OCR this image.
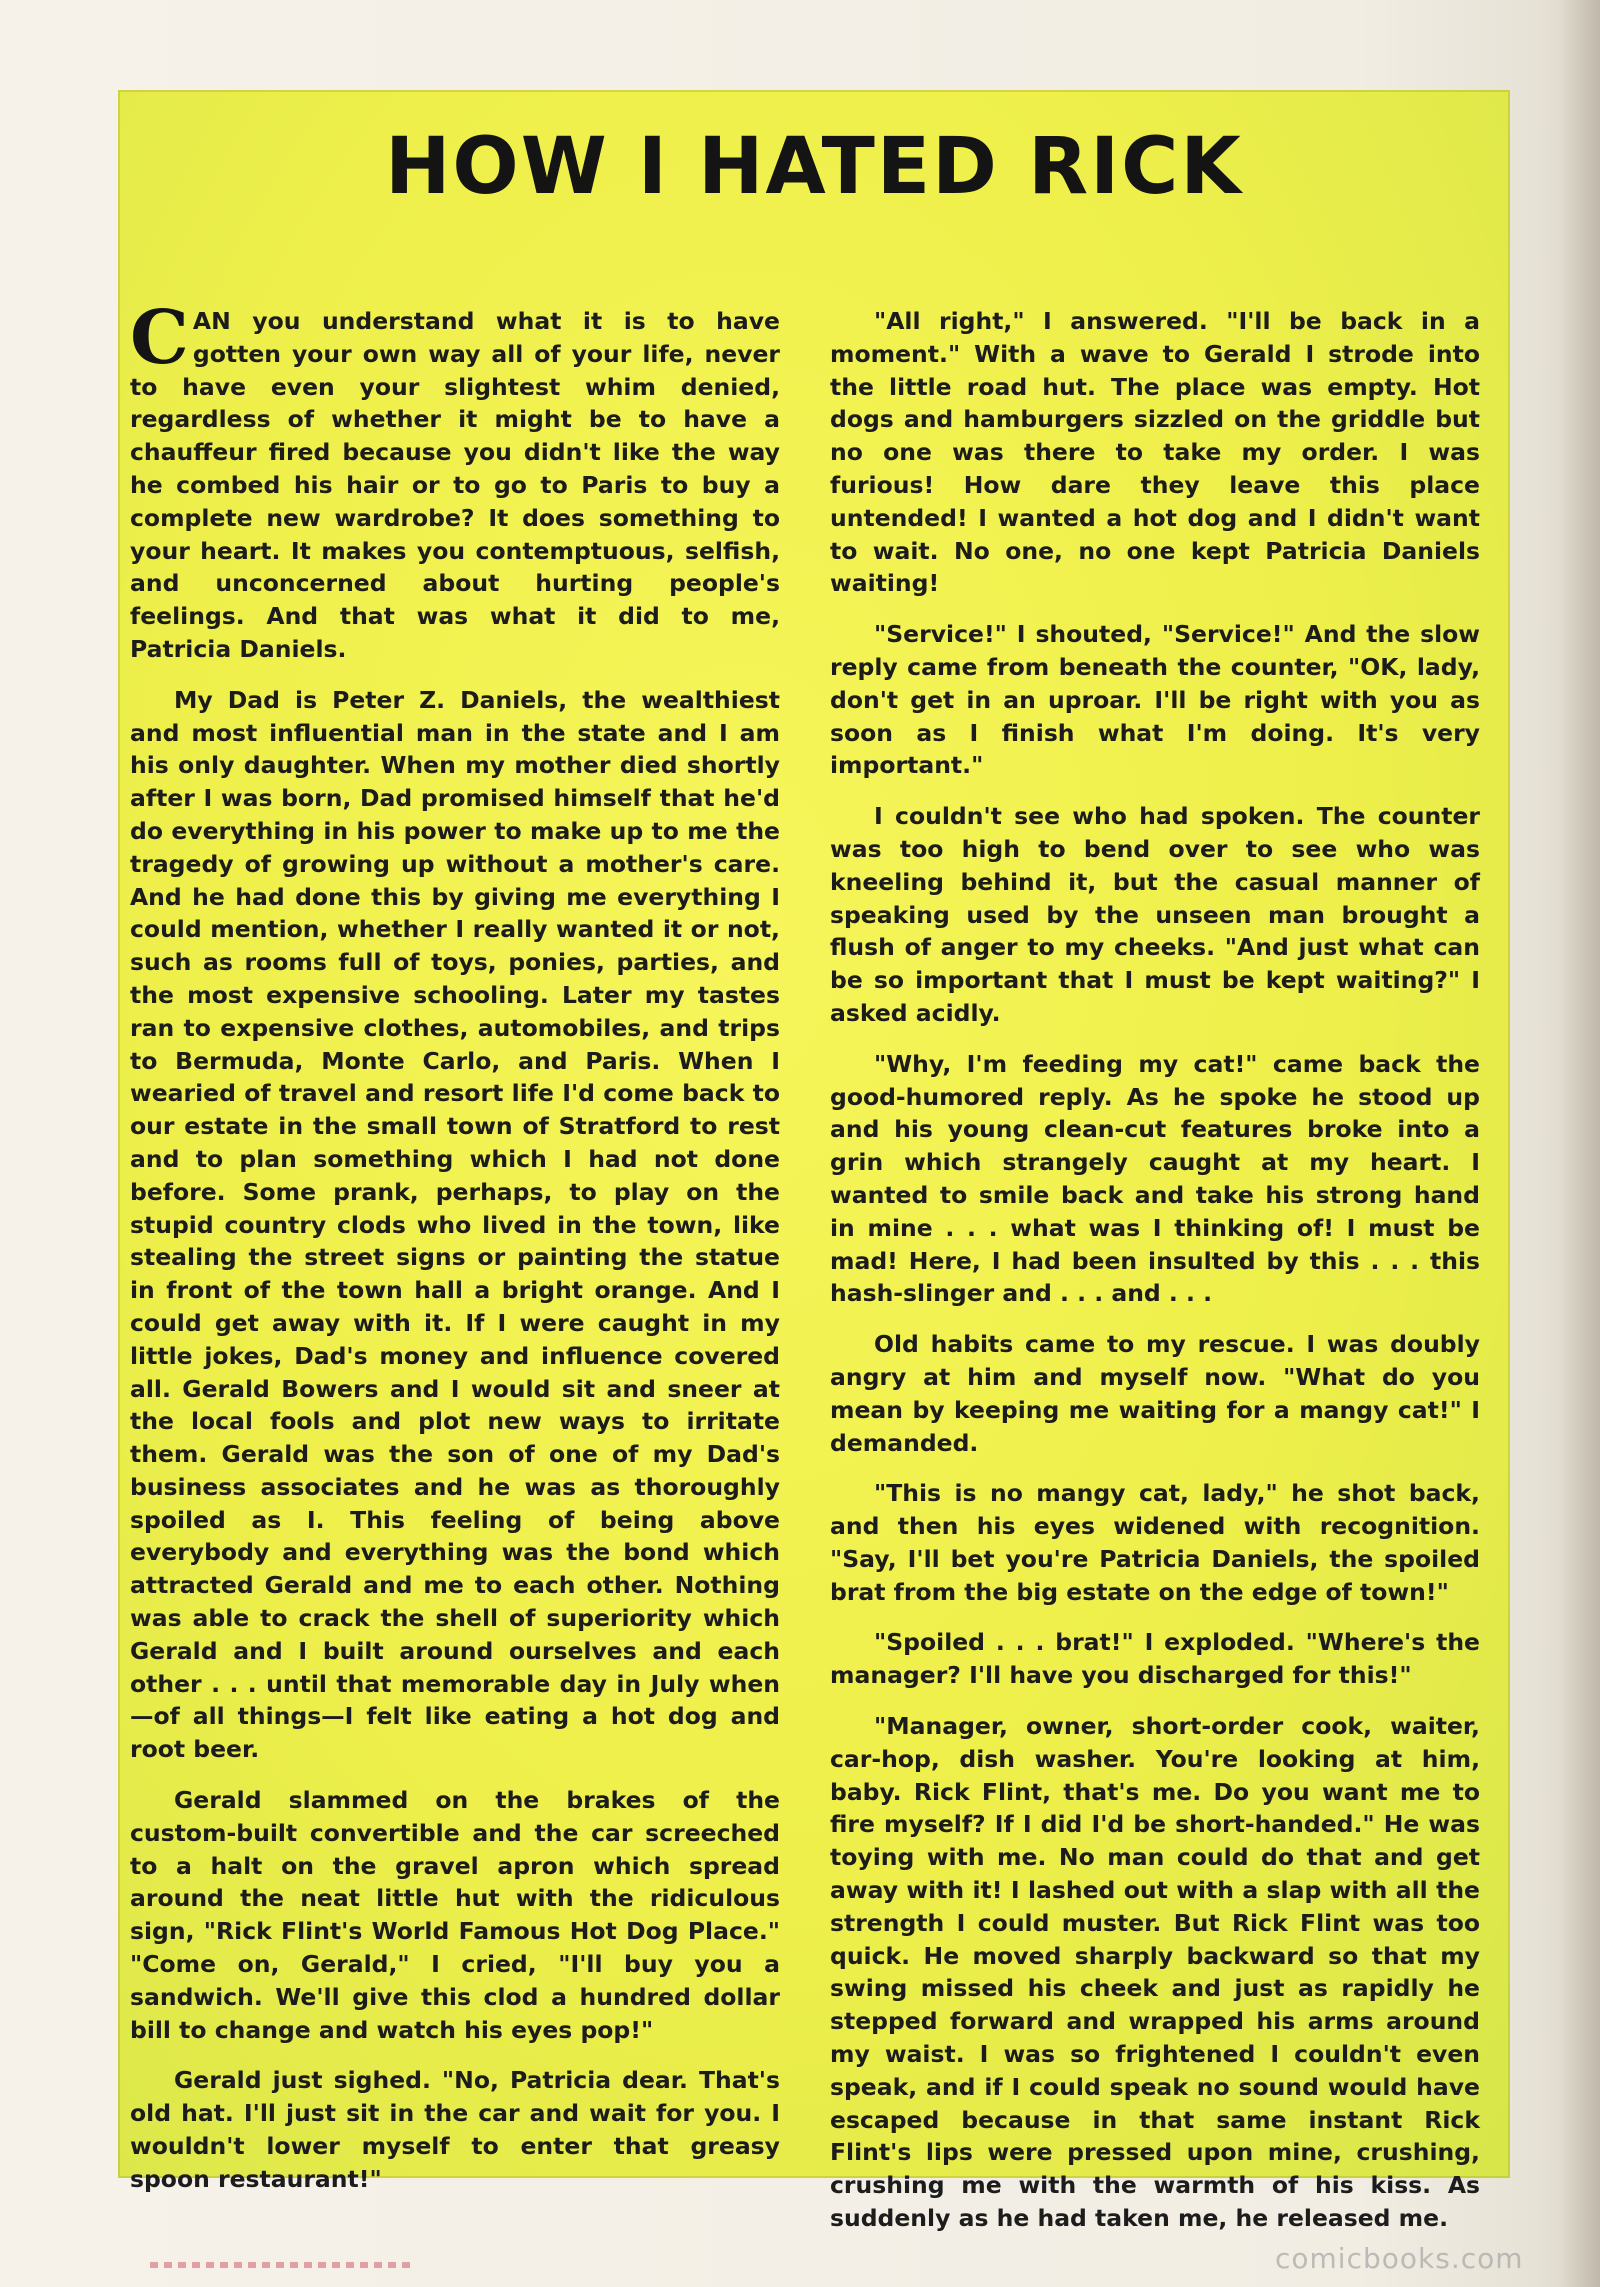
HOW I HATED RICK

CAN you understand what it is to have gotten your own way all of your life, never to have even your slightest whim denied, regardless of whether it might be to have a chauffeur fired because you didn't like the way he combed his hair or to go to Paris to buy a complete new wardrobe? It does something to your heart. It makes you contemptuous, selfish, and unconcerned about hurting people's feelings. And that was what it did to me, Patricia Daniels.

My Dad is Peter Z. Daniels, the wealthiest and most influential man in the state and I am his only daughter. When my mother died shortly after I was born, Dad promised himself that he'd do everything in his power to make up to me the tragedy of growing up without a mother's care. And he had done this by giving me everything I could mention, whether I really wanted it or not, such as rooms full of toys, ponies, parties, and the most expensive schooling. Later my tastes ran to expensive clothes, automobiles, and trips to Bermuda, Monte Carlo, and Paris. When I wearied of travel and resort life I'd come back to our estate in the small town of Stratford to rest and to plan something which I had not done before. Some prank, perhaps, to play on the stupid country clods who lived in the town, like stealing the street signs or painting the statue in front of the town hall a bright orange. And I could get away with it. If I were caught in my little jokes, Dad's money and influence covered all. Gerald Bowers and I would sit and sneer at the local fools and plot new ways to irritate them. Gerald was the son of one of my Dad's business associates and he was as thoroughly spoiled as I. This feeling of being above everybody and everything was the bond which attracted Gerald and me to each other. Nothing was able to crack the shell of superiority which Gerald and I built around ourselves and each other . . . until that memorable day in July when —of all things—I felt like eating a hot dog and root beer.

Gerald slammed on the brakes of the custom-built convertible and the car screeched to a halt on the gravel apron which spread around the neat little hut with the ridiculous sign, "Rick Flint's World Famous Hot Dog Place." "Come on, Gerald," I cried, "I'll buy you a sandwich. We'll give this clod a hundred dollar bill to change and watch his eyes pop!"

Gerald just sighed. "No, Patricia dear. That's old hat. I'll just sit in the car and wait for you. I wouldn't lower myself to enter that greasy spoon restaurant!"

"All right," I answered. "I'll be back in a moment." With a wave to Gerald I strode into the little road hut. The place was empty. Hot dogs and hamburgers sizzled on the griddle but no one was there to take my order. I was furious! How dare they leave this place untended! I wanted a hot dog and I didn't want to wait. No one, no one kept Patricia Daniels waiting!

"Service!" I shouted, "Service!" And the slow reply came from beneath the counter, "OK, lady, don't get in an uproar. I'll be right with you as soon as I finish what I'm doing. It's very important."

I couldn't see who had spoken. The counter was too high to bend over to see who was kneeling behind it, but the casual manner of speaking used by the unseen man brought a flush of anger to my cheeks. "And just what can be so important that I must be kept waiting?" I asked acidly.

"Why, I'm feeding my cat!" came back the good-humored reply. As he spoke he stood up and his young clean-cut features broke into a grin which strangely caught at my heart. I wanted to smile back and take his strong hand in mine . . . what was I thinking of! I must be mad! Here, I had been insulted by this . . . this hash-slinger and . . . and . . .

Old habits came to my rescue. I was doubly angry at him and myself now. "What do you mean by keeping me waiting for a mangy cat!" I demanded.

"This is no mangy cat, lady," he shot back, and then his eyes widened with recognition. "Say, I'll bet you're Patricia Daniels, the spoiled brat from the big estate on the edge of town!"

"Spoiled . . . brat!" I exploded. "Where's the manager? I'll have you discharged for this!"

"Manager, owner, short-order cook, waiter, car-hop, dish washer. You're looking at him, baby. Rick Flint, that's me. Do you want me to fire myself? If I did I'd be short-handed." He was toying with me. No man could do that and get away with it! I lashed out with a slap with all the strength I could muster. But Rick Flint was too quick. He moved sharply backward so that my swing missed his cheek and just as rapidly he stepped forward and wrapped his arms around my waist. I was so frightened I couldn't even speak, and if I could speak no sound would have escaped because in that same instant Rick Flint's lips were pressed upon mine, crushing, crushing me with the warmth of his kiss. As suddenly as he had taken me, he released me.

comicbooks.com
